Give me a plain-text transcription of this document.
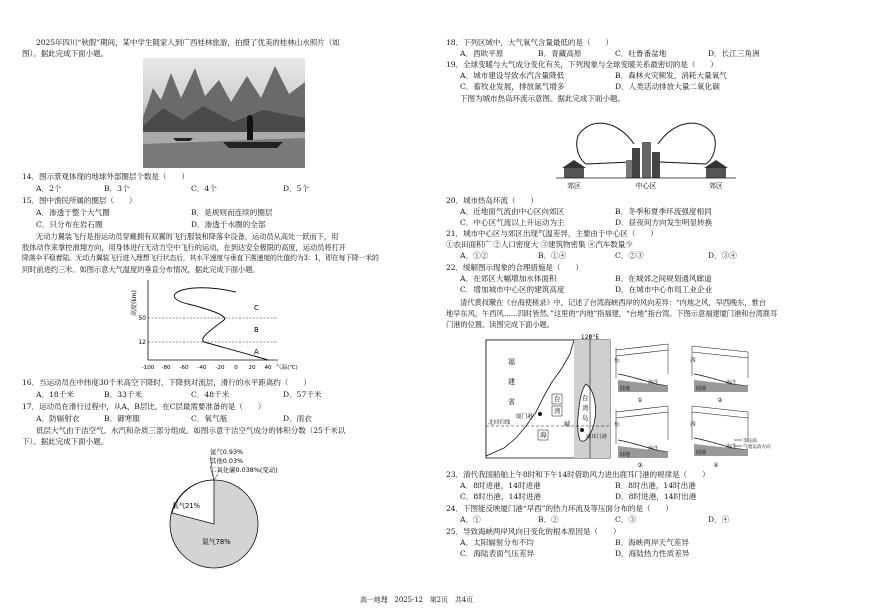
2025年四川“秋假”期间，某中学生随家人到广西桂林旅游，拍摄了优美的桂林山水照片（如
图）。据此完成下面小题。
14．图示景观体现的地球外部圈层个数是（　　）
A．2个	B．3个	C．4个	D．5个
15．图中渔民所属的圈层（　　）
A．渗透于整个大气圈	B．是规则而连续的圈层
C．只分布在岩石圈	D．渗透于水圈的全部
无动力翼装飞行是指运动员穿戴拥有双翼的飞行服装和降落伞设备，运动员从高处一跃而下，用
肢体动作来掌控滑翔方向，用身体进行无动力空中飞行的运动，在到达安全极限的高度，运动员将打开
降落伞平稳着陆。无动力翼装飞行进入理想飞行状态后，其水平速度与垂直下落速度的比值约为3：1，即在每下降一米的
同时前进约三米。如图示意大气温度的垂直分布情况，据此完成下面小题。
高度(km)
50
12
C
B
A
-100 -80 -60 -40 -20 0 20 40 气温(℃)
16．当运动员在中纬度30千米高空下降时，下降到对流层，滑行的水平距离约（　　）
A．18千米	B．33千米	C．48千米	D．57千米
17．运动员在滑行过程中，从A、B层比，在C层最需要准备的是（　　）
A．防辐射衣	B．御寒服	C．氧气瓶	D．雨衣
低层大气由干洁空气、水汽和杂质三部分组成。如图示意干洁空气成分的体积分数（25千米以
下）。据此完成下面小题。
氩气0.93%
其他0.03%
二氧化碳0.038%(变动)
氧气21%
氮气78%
18．下列区域中，大气氧气含量最低的是（　　）
A．西欧平原	B．青藏高原	C．吐鲁番盆地	D．长江三角洲
19．全球变暖与大气成分变化有关，下列现象与全球变暖关系最密切的是（　　）
A．城市建设导致水汽含量降低	B．森林火灾频发，消耗大量氧气
C．畜牧业发展，排放氮气增多	D．人类活动排放大量二氧化碳
下图为城市热岛环流示意图。据此完成下面小题。
郊区	中心区	郊区
20．城市热岛环流（　　）
A．近地面气流由中心区向郊区	B．冬季和夏季环流强度相同
C．中心区气流以上升运动为主	D．昼夜间方向发生明显转换
21．城市中心区与郊区出现气温差异，主要由于中心区（　　）
①农田面积广 ②人口密度大 ③建筑物密集 ④汽车数量少
A．①②	B．①④	C．②③	D．③④
22．缓解图示现象的合理措施是（　　）
A．在郊区大幅增加水体面积	B．在城郊之间规划通风廊道
C．增加城市中心区的建筑高度	D．在城市中心布局工业企业
清代黄叔璥在《台海使槎录》中，记述了台湾海峡西岸的风向差异：“内地之风，早西晚东，惟台
地早东风，午西风……四时皆然。”这里的“内地”指福建，“台地”指台湾。下图示意福建厦门港和台湾鹿耳
门港的位置。读图完成下面小题。
120°E
福
建
省	台
湾
海
峡
台
湾
岛
厦门港
鹿耳门港
北回归线
东
陆地
海洋
①
西
陆地
海洋
②
东
陆地
海洋
③
西
陆地
海洋
④
等压面
气流运动方向
23．清代我国船舶上午8时和下午14时借助风力进出鹿耳门港的规律是（　　）
A．8时进港，14时进港	B．8时出港，14时出港
C．8时出港，14时进港	D．8时进港，14时出港
24．下图能反映厦门港“早西”的热力环流及等压面分布的是（　　）
A．①	B．②	C．③	D．④
25．导致海峡两岸风向日变化的根本原因是（　　）
A．太阳辐射分布不均	B．海峡两岸天气差异
C．海陆表面气压差异	D．海陆热力性质差异
高一地理　2025-12　第2页　共4页
